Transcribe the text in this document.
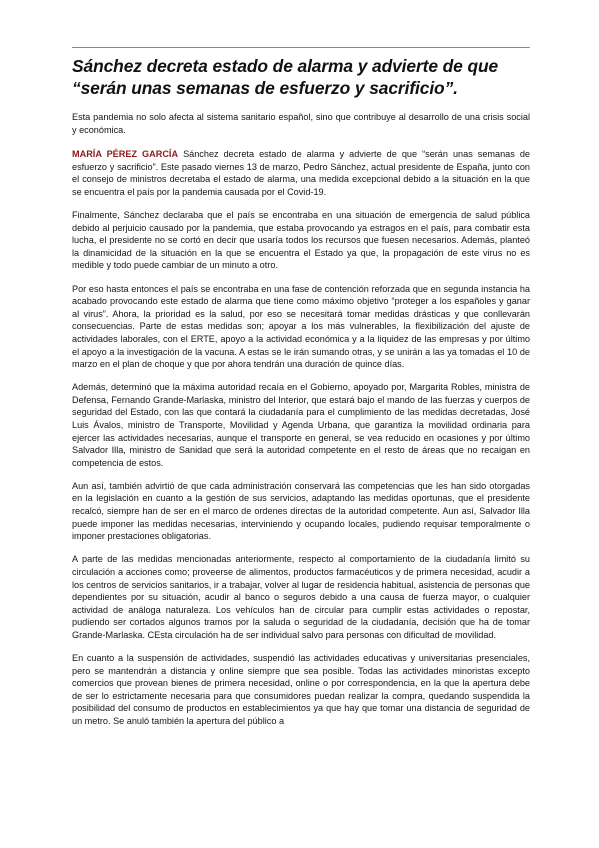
Sánchez decreta estado de alarma y advierte de que “serán unas semanas de esfuerzo y sacrificio”.

Esta pandemia no solo afecta al sistema sanitario español, sino que contribuye al desarrollo de una crisis social y económica.

MARÍA PÉREZ GARCÍA Sánchez decreta estado de alarma y advierte de que “serán unas semanas de esfuerzo y sacrificio”. Este pasado viernes 13 de marzo, Pedro Sánchez, actual presidente de España, junto con el consejo de ministros decretaba el estado de alarma, una medida excepcional debido a la situación en la que se encuentra el país por la pandemia causada por el Covid-19.

Finalmente, Sánchez declaraba que el país se encontraba en una situación de emergencia de salud pública debido al perjuicio causado por la pandemia, que estaba provocando ya estragos en el país, para combatir esta lucha, el presidente no se cortó en decir que usaría todos los recursos que fuesen necesarios. Además, planteó la dinamicidad de la situación en la que se encuentra el Estado ya que, la propagación de este virus no es medible y todo puede cambiar de un minuto a otro.

Por eso hasta entonces el país se encontraba en una fase de contención reforzada que en segunda instancia ha acabado provocando este estado de alarma que tiene como máximo objetivo “proteger a los españoles y ganar al virus”. Ahora, la prioridad es la salud, por eso se necesitará tomar medidas drásticas y que conllevarán consecuencias. Parte de estas medidas son; apoyar a los más vulnerables, la flexibilización del ajuste de actividades laborales, con el ERTE, apoyo a la actividad económica y a la liquidez de las empresas y por último el apoyo a la investigación de la vacuna. A estas se le irán sumando otras, y se unirán a las ya tomadas el 10 de marzo en el plan de choque y que por ahora tendrán una duración de quince días.

Además, determinó que la máxima autoridad recaía en el Gobierno, apoyado por, Margarita Robles, ministra de Defensa, Fernando Grande-Marlaska, ministro del Interior, que estará bajo el mando de las fuerzas y cuerpos de seguridad del Estado, con las que contará la ciudadanía para el cumplimiento de las medidas decretadas, José Luis Ávalos, ministro de Transporte, Movilidad y Agenda Urbana, que garantiza la movilidad ordinaria para ejercer las actividades necesarias, aunque el transporte en general, se vea reducido en ocasiones y por último Salvador Illa, ministro de Sanidad que será la autoridad competente en el resto de áreas que no recaigan en competencia de estos.

Aun así, también advirtió de que cada administración conservará las competencias que les han sido otorgadas en la legislación en cuanto a la gestión de sus servicios, adaptando las medidas oportunas, que el presidente recalcó, siempre han de ser en el marco de ordenes directas de la autoridad competente. Aun así, Salvador Illa puede imponer las medidas necesarias, interviniendo y ocupando locales, pudiendo requisar temporalmente o imponer prestaciones obligatorias.

A parte de las medidas mencionadas anteriormente, respecto al comportamiento de la ciudadanía limitó su circulación a acciones como; proveerse de alimentos, productos farmacéuticos y de primera necesidad, acudir a los centros de servicios sanitarios, ir a trabajar, volver al lugar de residencia habitual, asistencia de personas que dependientes por su situación, acudir al banco o seguros debido a una causa de fuerza mayor, o cualquier actividad de análoga naturaleza. Los vehículos han de circular para cumplir estas actividades o repostar, pudiendo ser cortados algunos tramos por la saluda o seguridad de la ciudadanía, decisión que ha de tomar Grande-Marlaska. CEsta circulación ha de ser individual salvo para personas con dificultad de movilidad.

En cuanto a la suspensión de actividades, suspendió las actividades educativas y universitarias presenciales, pero se mantendrán a distancia y online siempre que sea posible. Todas las actividades minoristas excepto comercios que provean bienes de primera necesidad, online o por correspondencia, en la que la apertura debe de ser lo estrictamente necesaria para que consumidores puedan realizar la compra, quedando suspendida la posibilidad del consumo de productos en establecimientos ya que hay que tomar una distancia de seguridad de un metro. Se anuló también la apertura del público a
